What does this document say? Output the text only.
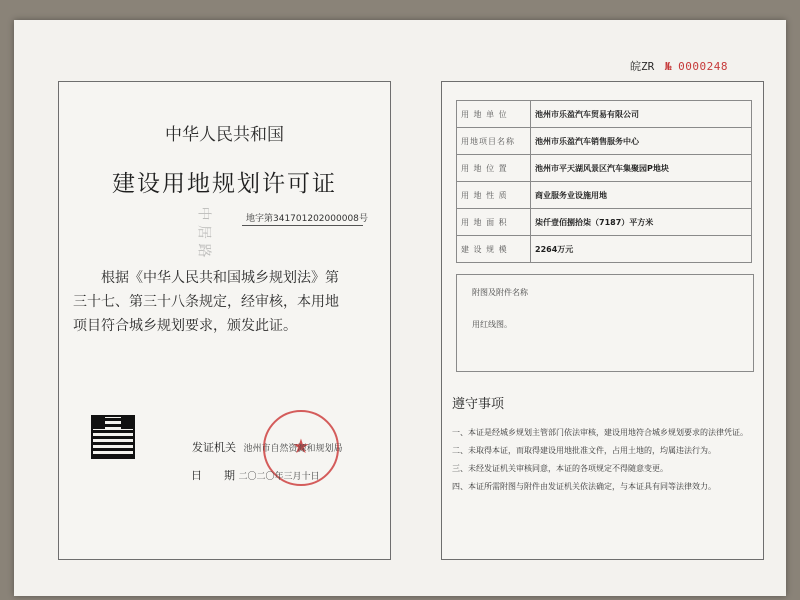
皖ZR № 0000248
中 居 路
中华人民共和国
建设用地规划许可证
地字第341701202000008 号

根据《中华人民共和国城乡规划法》第

三十七、第三十八条规定，经审核，本用地

项目符合城乡规划要求，颁发此证。

★
发证机关 池州市自然资源和规划局
日　　期 二〇二〇年三月十日
用 地 单 位	池州市乐盈汽车贸易有限公司
用地项目名称	池州市乐盈汽车销售服务中心
用 地 位 置	池州市平天湖风景区汽车集聚园P地块
用 地 性 质	商业服务业设施用地
用 地 面 积	柒仟壹佰捌拾柒（7187）平方米
建 设 规 模	2264万元
附图及附件名称
用红线图。
遵守事项
一、本证是经城乡规划主管部门依法审核，建设用地符合城乡规划要求的法律凭证。
二、未取得本证，而取得建设用地批准文件，占用土地的，均属违法行为。
三、未经发证机关审核同意，本证的各项规定不得随意变更。
四、本证所需附图与附件由发证机关依法确定，与本证具有同等法律效力。
